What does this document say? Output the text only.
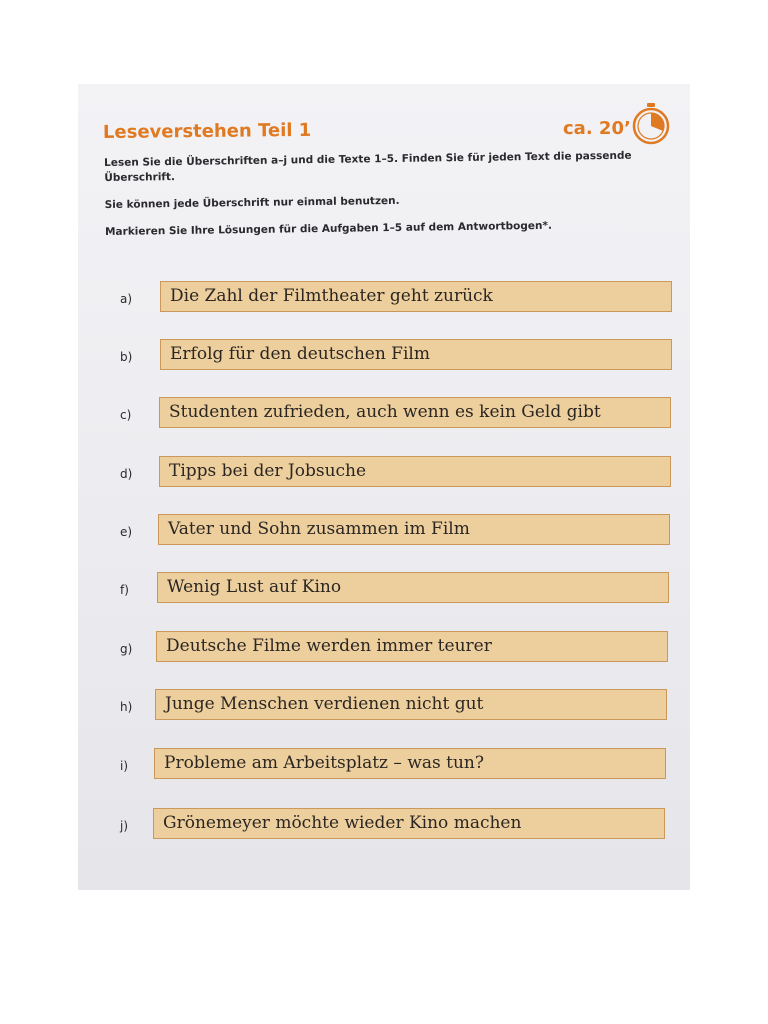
Leseverstehen Teil 1	ca. 20’

Lesen Sie die Überschriften a–j und die Texte 1–5. Finden Sie für jeden Text die passende Überschrift.

Sie können jede Überschrift nur einmal benutzen.

Markieren Sie Ihre Lösungen für die Aufgaben 1–5 auf dem Antwortbogen*.

a)	Die Zahl der Filmtheater geht zurück
b)	Erfolg für den deutschen Film
c)	Studenten zufrieden, auch wenn es kein Geld gibt
d)	Tipps bei der Jobsuche
e)	Vater und Sohn zusammen im Film
f)	Wenig Lust auf Kino
g)	Deutsche Filme werden immer teurer
h)	Junge Menschen verdienen nicht gut
i)	Probleme am Arbeitsplatz – was tun?
j)	Grönemeyer möchte wieder Kino machen
